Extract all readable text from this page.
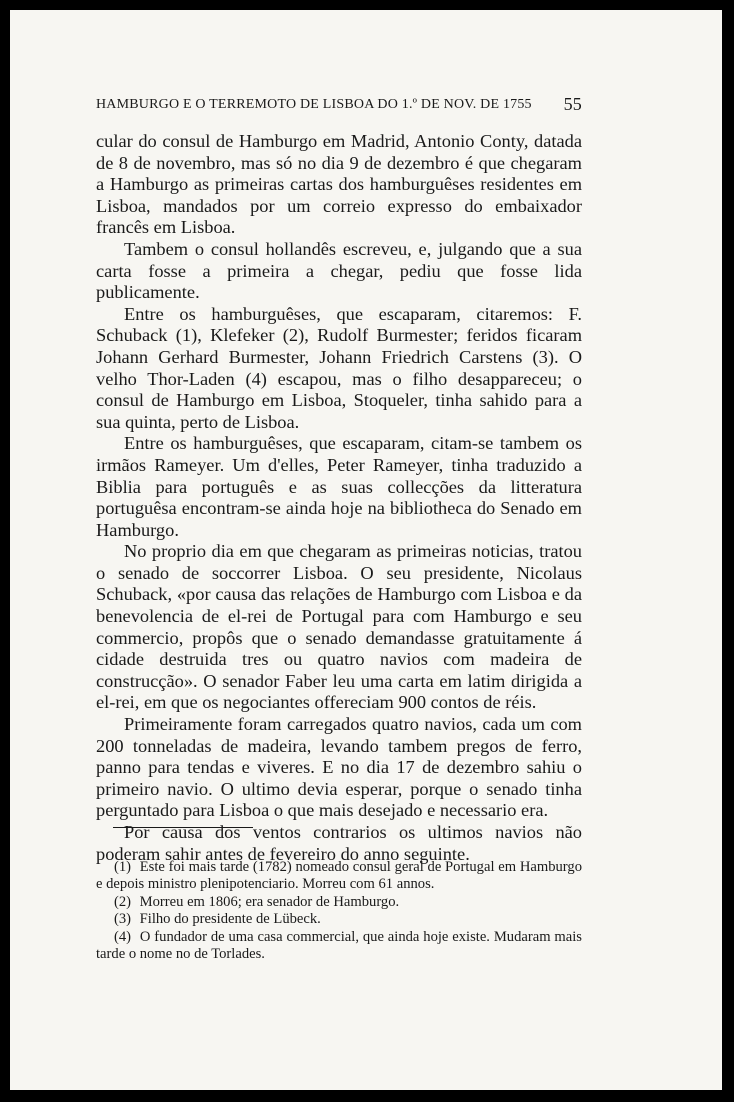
HAMBURGO E O TERREMOTO DE LISBOA DO 1.º DE NOV. DE 1755 55

cular do consul de Hamburgo em Madrid, Antonio Conty, datada de 8 de novembro, mas só no dia 9 de dezembro é que chegaram a Hamburgo as primeiras cartas dos hamburguêses residentes em Lisboa, mandados por um correio expresso do embaixador francês em Lisboa.

Tambem o consul hollandês escreveu, e, julgando que a sua carta fosse a primeira a chegar, pediu que fosse lida publicamente.

Entre os hamburguêses, que escaparam, citaremos: F. Schuback (1), Klefeker (2), Rudolf Burmester; feridos ficaram Johann Gerhard Burmester, Johann Friedrich Carstens (3). O velho Thor-Laden (4) escapou, mas o filho desappareceu; o consul de Hamburgo em Lisboa, Stoqueler, tinha sahido para a sua quinta, perto de Lisboa.

Entre os hamburguêses, que escaparam, citam-se tambem os irmãos Rameyer. Um d'elles, Peter Rameyer, tinha traduzido a Biblia para português e as suas collecções da litteratura portuguêsa encontram-se ainda hoje na bibliotheca do Senado em Hamburgo.

No proprio dia em que chegaram as primeiras noticias, tratou o senado de soccorrer Lisboa. O seu presidente, Nicolaus Schuback, «por causa das relações de Hamburgo com Lisboa e da benevolencia de el-rei de Portugal para com Hamburgo e seu commercio, propôs que o senado demandasse gratuitamente á cidade destruida tres ou quatro navios com madeira de construcção». O senador Faber leu uma carta em latim dirigida a el-rei, em que os negociantes offereciam 900 contos de réis.

Primeiramente foram carregados quatro navios, cada um com 200 tonneladas de madeira, levando tambem pregos de ferro, panno para tendas e viveres. E no dia 17 de dezembro sahiu o primeiro navio. O ultimo devia esperar, porque o senado tinha perguntado para Lisboa o que mais desejado e necessario era.

Por causa dos ventos contrarios os ultimos navios não poderam sahir antes de fevereiro do anno seguinte.

(1) Este foi mais tarde (1782) nomeado consul geral de Portugal em Hamburgo e depois ministro plenipotenciario. Morreu com 61 annos.

(2) Morreu em 1806; era senador de Hamburgo.

(3) Filho do presidente de Lübeck.

(4) O fundador de uma casa commercial, que ainda hoje existe. Mudaram mais tarde o nome no de Torlades.
